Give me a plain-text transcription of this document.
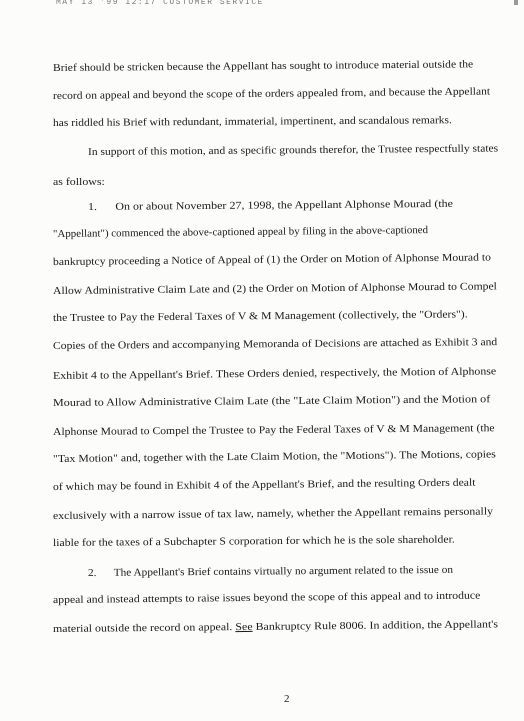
MAY 13 '99 12:17 CUSTOMER SERVICE
Brief should be stricken because the Appellant has sought to introduce material outside the
record on appeal and beyond the scope of the orders appealed from, and because the Appellant
has riddled his Brief with redundant, immaterial, impertinent, and scandalous remarks.
In support of this motion, and as specific grounds therefor, the Trustee respectfully states
as follows:
1. On or about November 27, 1998, the Appellant Alphonse Mourad (the
"Appellant") commenced the above-captioned appeal by filing in the above-captioned
bankruptcy proceeding a Notice of Appeal of (1) the Order on Motion of Alphonse Mourad to
Allow Administrative Claim Late and (2) the Order on Motion of Alphonse Mourad to Compel
the Trustee to Pay the Federal Taxes of V & M Management (collectively, the "Orders").
Copies of the Orders and accompanying Memoranda of Decisions are attached as Exhibit 3 and
Exhibit 4 to the Appellant's Brief. These Orders denied, respectively, the Motion of Alphonse
Mourad to Allow Administrative Claim Late (the "Late Claim Motion") and the Motion of
Alphonse Mourad to Compel the Trustee to Pay the Federal Taxes of V & M Management (the
"Tax Motion" and, together with the Late Claim Motion, the "Motions"). The Motions, copies
of which may be found in Exhibit 4 of the Appellant's Brief, and the resulting Orders dealt
exclusively with a narrow issue of tax law, namely, whether the Appellant remains personally
liable for the taxes of a Subchapter S corporation for which he is the sole shareholder.
2. The Appellant's Brief contains virtually no argument related to the issue on
appeal and instead attempts to raise issues beyond the scope of this appeal and to introduce
material outside the record on appeal. See Bankruptcy Rule 8006. In addition, the Appellant's
2
